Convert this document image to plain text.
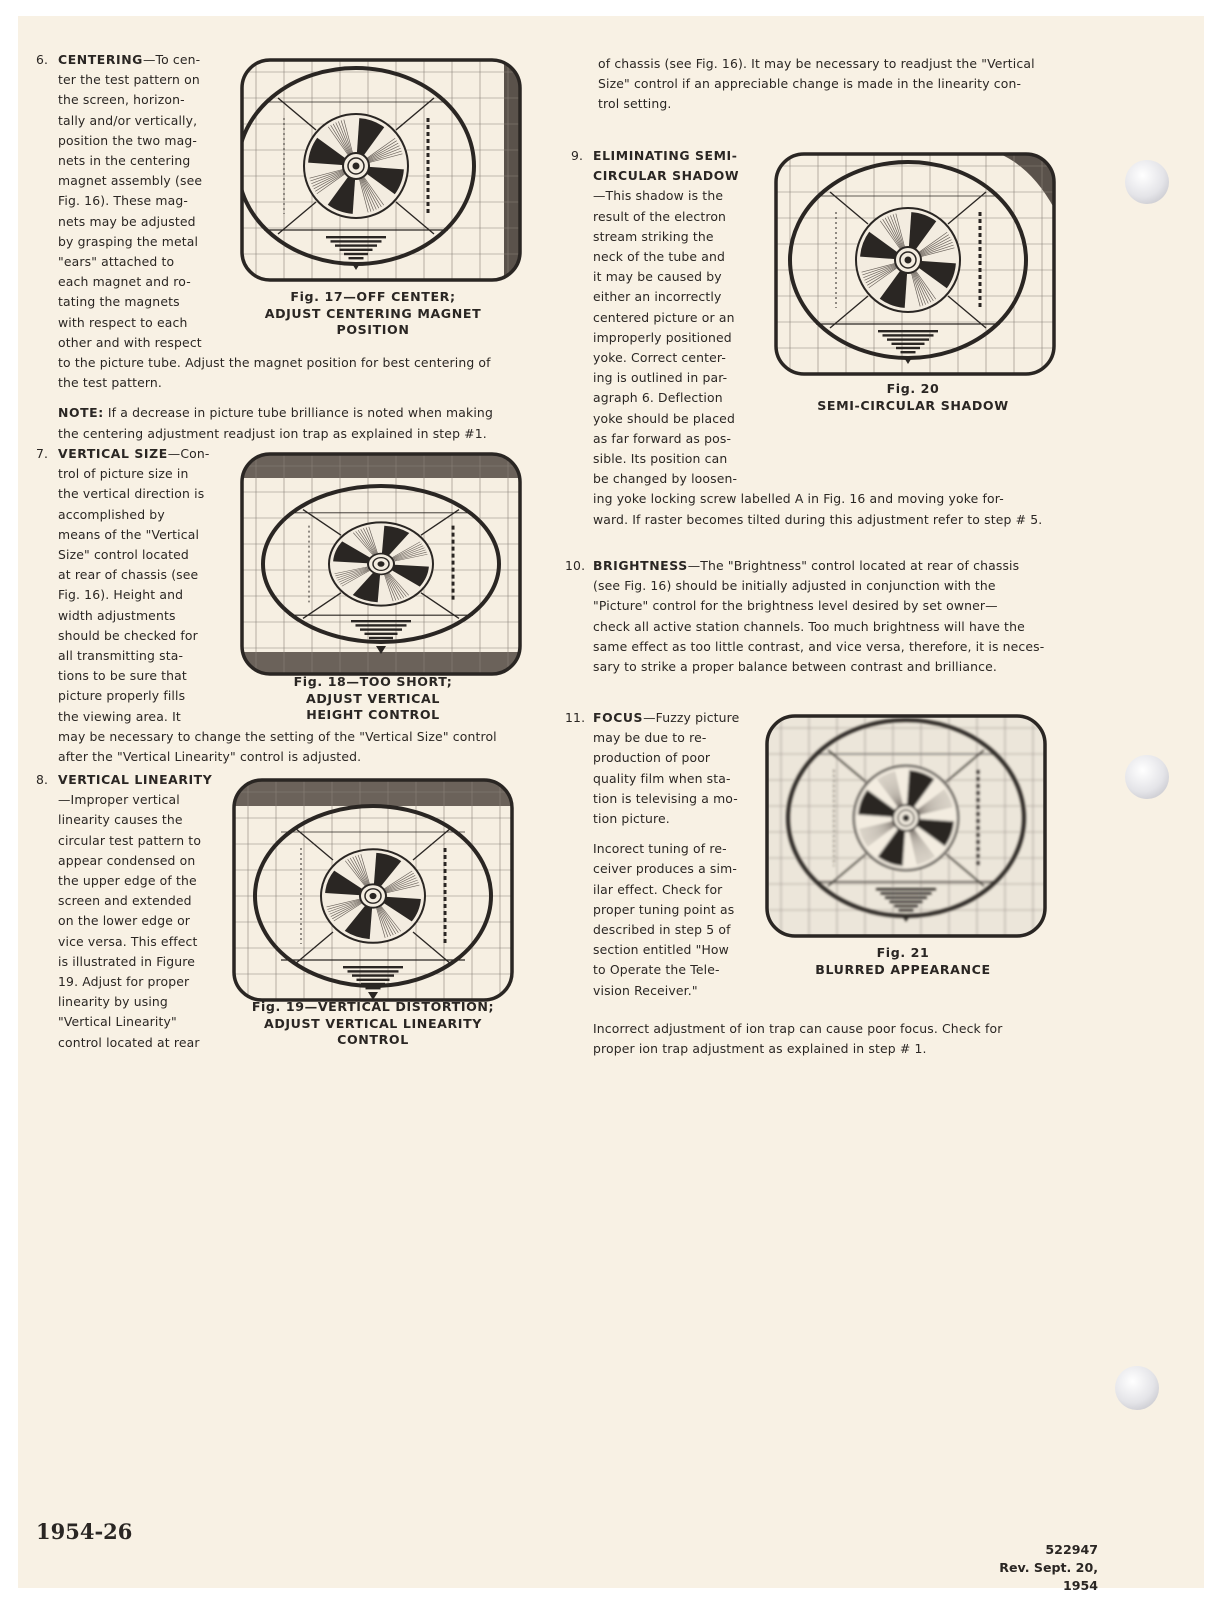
6. CENTERING—To cen-

ter the test pattern on

the screen, horizon-

tally and/or vertically,

position the two mag-

nets in the centering

magnet assembly (see

Fig. 16). These mag-

nets may be adjusted

by grasping the metal

"ears" attached to

each magnet and ro-

tating the magnets

with respect to each

other and with respect

to the picture tube. Adjust the magnet position for best centering of

the test pattern.

NOTE: If a decrease in picture tube brilliance is noted when making

the centering adjustment readjust ion trap as explained in step #1.

7. VERTICAL SIZE—Con-

trol of picture size in

the vertical direction is

accomplished by

means of the "Vertical

Size" control located

at rear of chassis (see

Fig. 16). Height and

width adjustments

should be checked for

all transmitting sta-

tions to be sure that

picture properly fills

the viewing area. It

may be necessary to change the setting of the "Vertical Size" control

after the "Vertical Linearity" control is adjusted.

8. VERTICAL LINEARITY

—Improper vertical

linearity causes the

circular test pattern to

appear condensed on

the upper edge of the

screen and extended

on the lower edge or

vice versa. This effect

is illustrated in Figure

19. Adjust for proper

linearity by using

"Vertical Linearity"

control located at rear

of chassis (see Fig. 16). It may be necessary to readjust the "Vertical

Size" control if an appreciable change is made in the linearity con-

trol setting.

9. ELIMINATING SEMI-

CIRCULAR SHADOW

—This shadow is the

result of the electron

stream striking the

neck of the tube and

it may be caused by

either an incorrectly

centered picture or an

improperly positioned

yoke. Correct center-

ing is outlined in par-

agraph 6. Deflection

yoke should be placed

as far forward as pos-

sible. Its position can

be changed by loosen-

ing yoke locking screw labelled A in Fig. 16 and moving yoke for-

ward. If raster becomes tilted during this adjustment refer to step # 5.

10. BRIGHTNESS—The "Brightness" control located at rear of chassis

(see Fig. 16) should be initially adjusted in conjunction with the

"Picture" control for the brightness level desired by set owner—

check all active station channels. Too much brightness will have the

same effect as too little contrast, and vice versa, therefore, it is neces-

sary to strike a proper balance between contrast and brilliance.

11. FOCUS—Fuzzy picture

may be due to re-

production of poor

quality film when sta-

tion is televising a mo-

tion picture.

Incorect tuning of re-

ceiver produces a sim-

ilar effect. Check for

proper tuning point as

described in step 5 of

section entitled "How

to Operate the Tele-

vision Receiver."

Incorrect adjustment of ion trap can cause poor focus. Check for

proper ion trap adjustment as explained in step # 1.

Fig. 17—OFF CENTER;
ADJUST CENTERING MAGNET
POSITION
Fig. 18—TOO SHORT;
ADJUST VERTICAL
HEIGHT CONTROL
Fig. 19—VERTICAL DISTORTION;
ADJUST VERTICAL LINEARITY
CONTROL
Fig. 20
SEMI-CIRCULAR SHADOW
Fig. 21
BLURRED APPEARANCE
1954-26
522947
Rev. Sept. 20, 1954
